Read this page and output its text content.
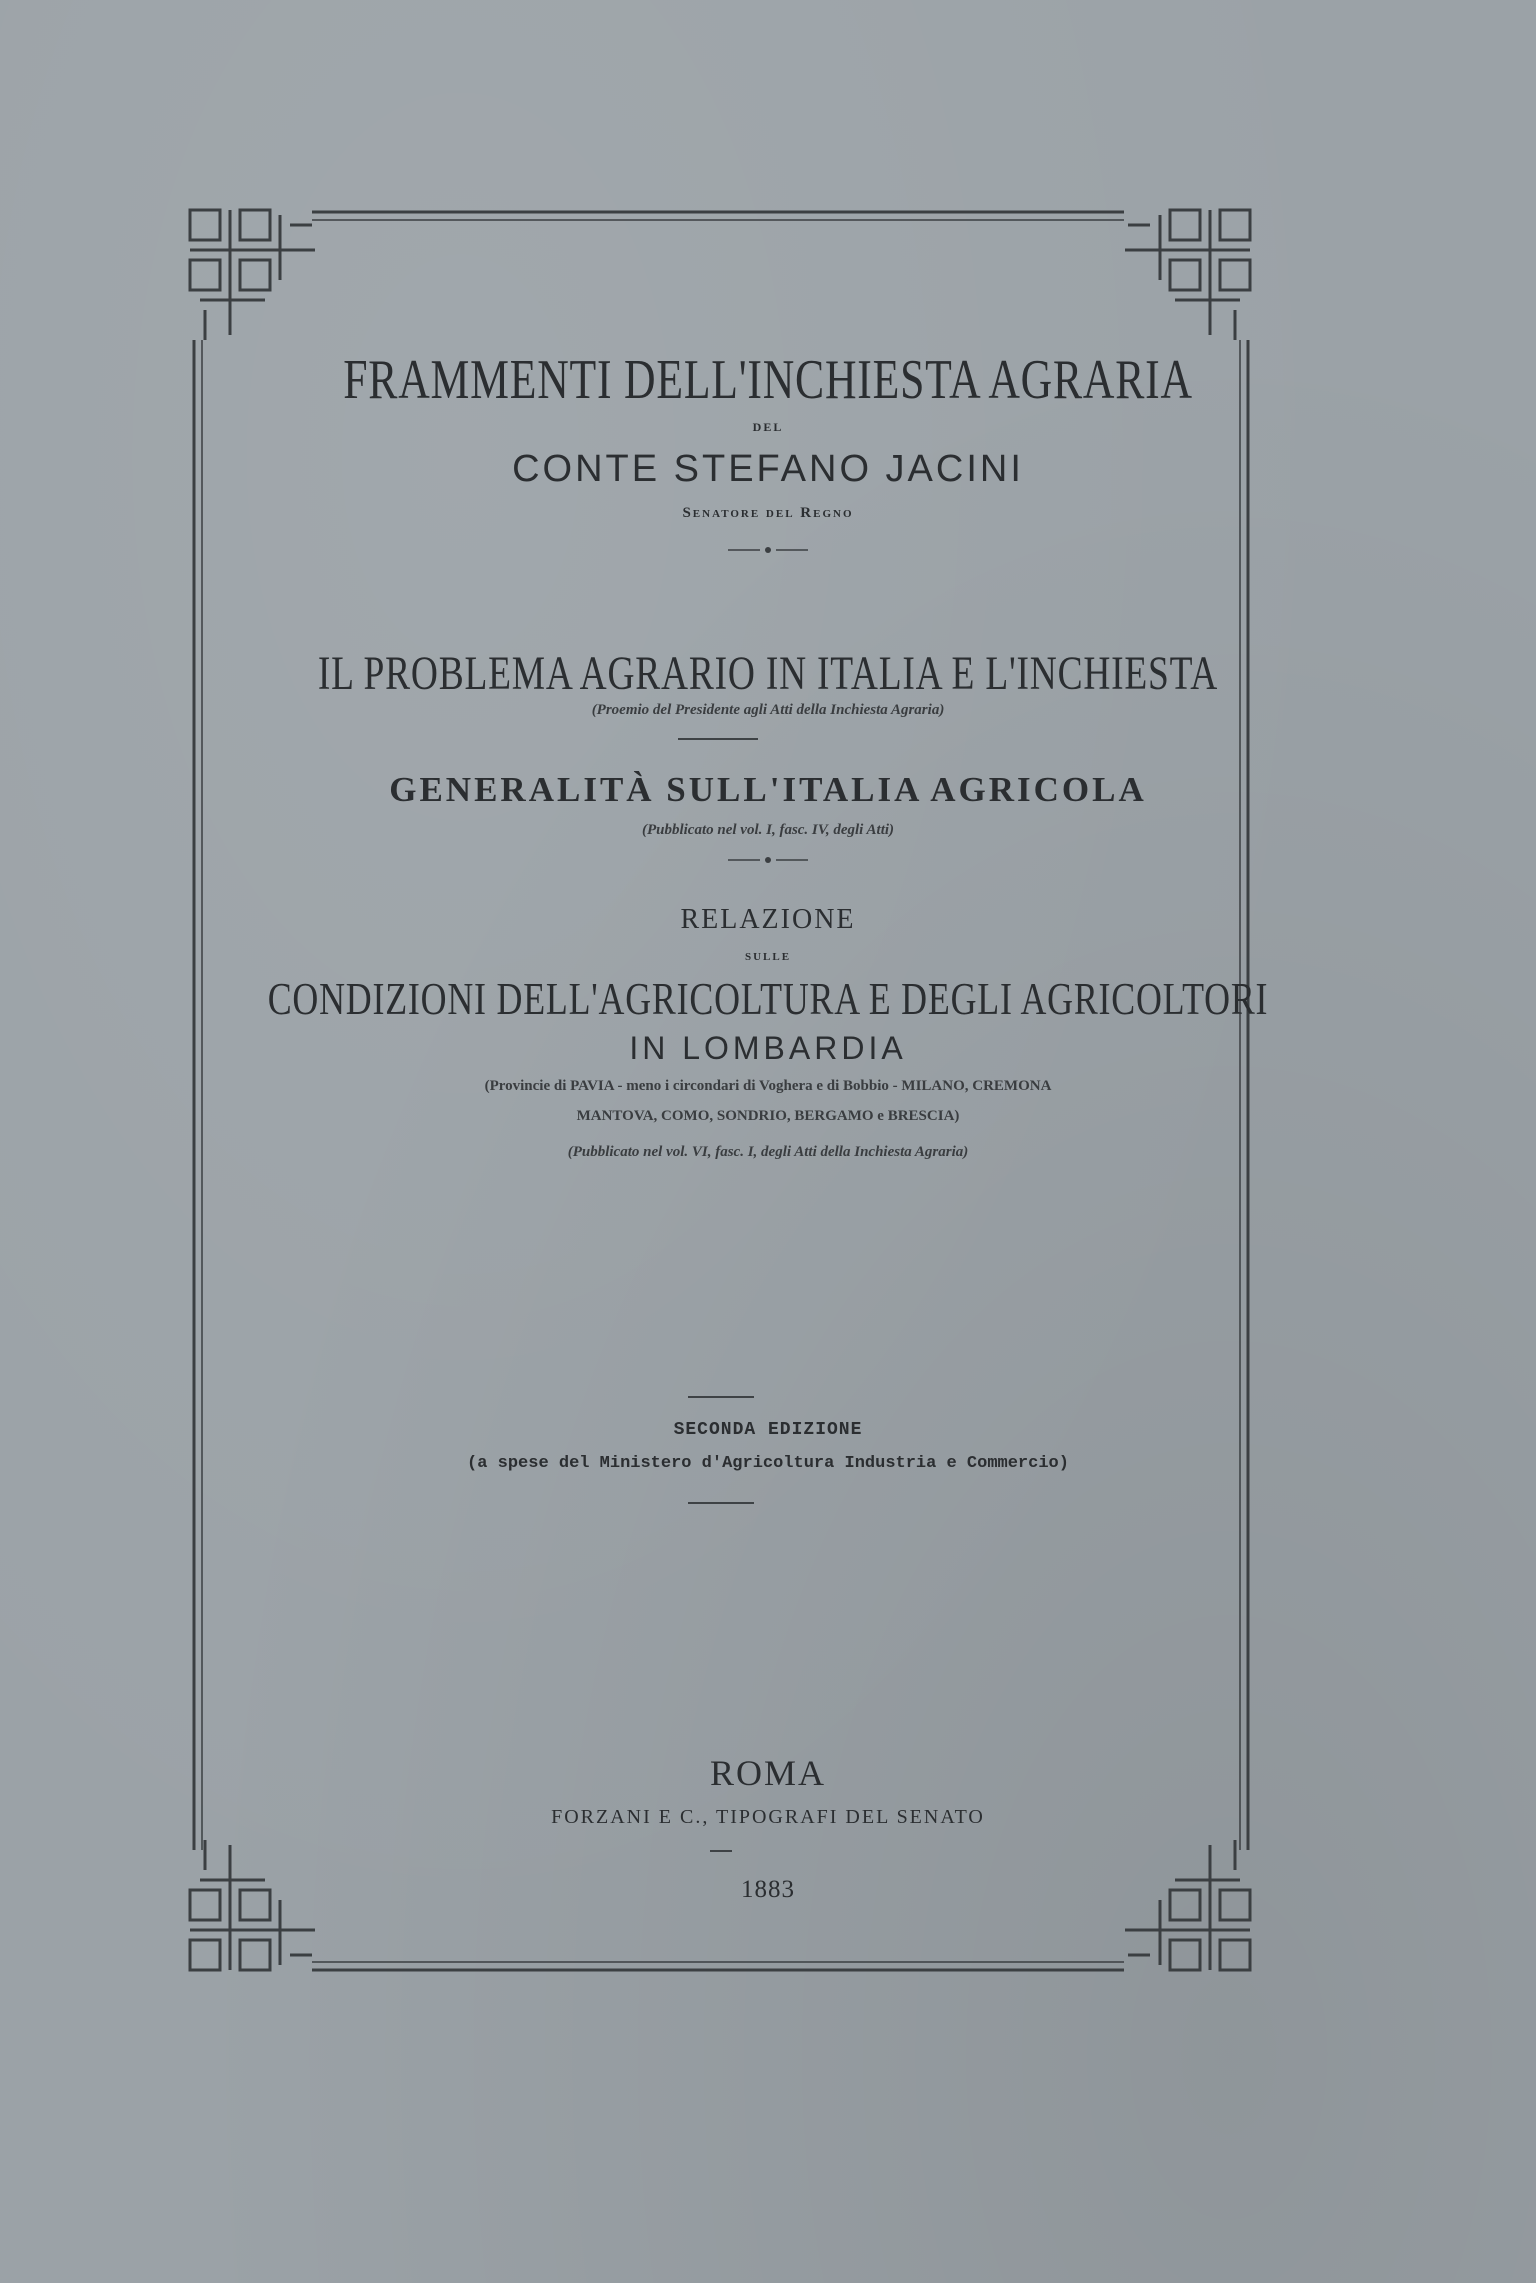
FRAMMENTI DELL'INCHIESTA AGRARIA
DEL
CONTE STEFANO JACINI
Senatore del Regno
IL PROBLEMA AGRARIO IN ITALIA E L'INCHIESTA
(Proemio del Presidente agli Atti della Inchiesta Agraria)
GENERALITÀ SULL'ITALIA AGRICOLA
(Pubblicato nel vol. I, fasc. IV, degli Atti)
RELAZIONE
SULLE
CONDIZIONI DELL'AGRICOLTURA E DEGLI AGRICOLTORI
IN LOMBARDIA
(Provincie di PAVIA - meno i circondari di Voghera e di Bobbio - MILANO, CREMONA
MANTOVA, COMO, SONDRIO, BERGAMO e BRESCIA)
(Pubblicato nel vol. VI, fasc. I, degli Atti della Inchiesta Agraria)
SECONDA EDIZIONE
(a spese del Ministero d'Agricoltura Industria e Commercio)
ROMA
FORZANI E C., TIPOGRAFI DEL SENATO
1883
